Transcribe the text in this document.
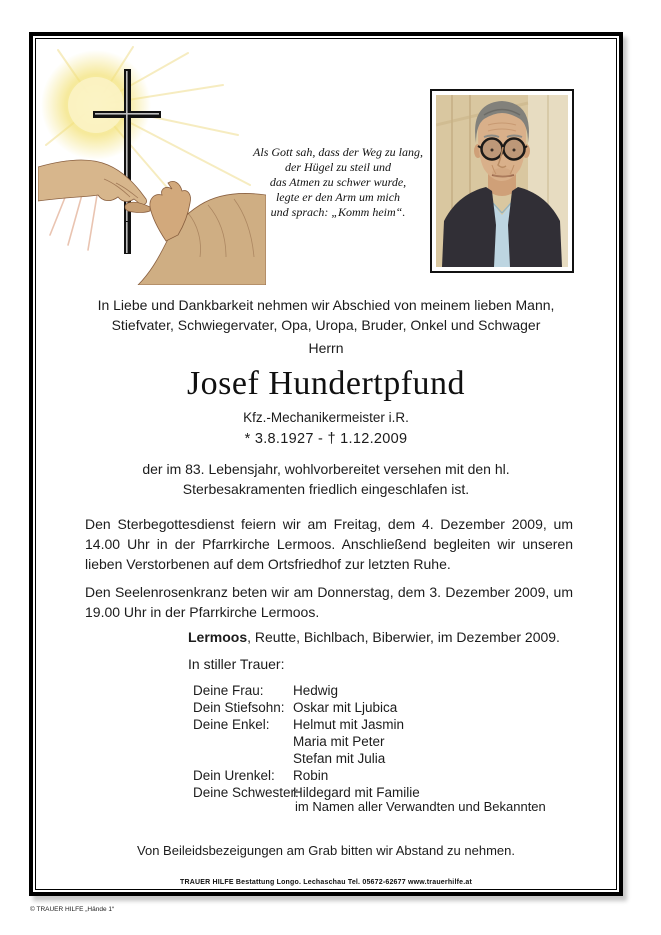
Als Gott sah, dass der Weg zu lang,
der Hügel zu steil und
das Atmen zu schwer wurde,
legte er den Arm um mich
und sprach: „Komm heim“.
In Liebe und Dankbarkeit nehmen wir Abschied von meinem lieben Mann,
Stiefvater, Schwiegervater, Opa, Uropa, Bruder, Onkel und Schwager
Herrn
Josef Hundertpfund
Kfz.-Mechanikermeister i.R.
* 3.8.1927 - † 1.12.2009
der im 83. Lebensjahr, wohlvorbereitet versehen mit den hl.
Sterbesakramenten friedlich eingeschlafen ist.
Den Sterbegottesdienst feiern wir am Freitag, dem 4. Dezember 2009, um 14.00 Uhr in der Pfarrkirche Lermoos. Anschließend begleiten wir unseren lieben Verstorbenen auf dem Ortsfriedhof zur letzten Ruhe.
Den Seelenrosenkranz beten wir am Donnerstag, dem 3. Dezember 2009, um 19.00 Uhr in der Pfarrkirche Lermoos.
Lermoos, Reutte, Bichlbach, Biberwier, im Dezember 2009.
In stiller Trauer:
Deine Frau:	Hedwig
Dein Stiefsohn: Oskar mit Ljubica
Deine Enkel:	Helmut mit Jasmin
Maria mit Peter
Stefan mit Julia
Dein Urenkel:	Robin
Deine Schwester:
Hildegard mit Familie
im Namen aller Verwandten und Bekannten
Von Beileidsbezeigungen am Grab bitten wir Abstand zu nehmen.
TRAUER HILFE Bestattung Longo. Lechaschau Tel. 05672-62677 www.trauerhilfe.at
© TRAUER HILFE „Hände 1“
